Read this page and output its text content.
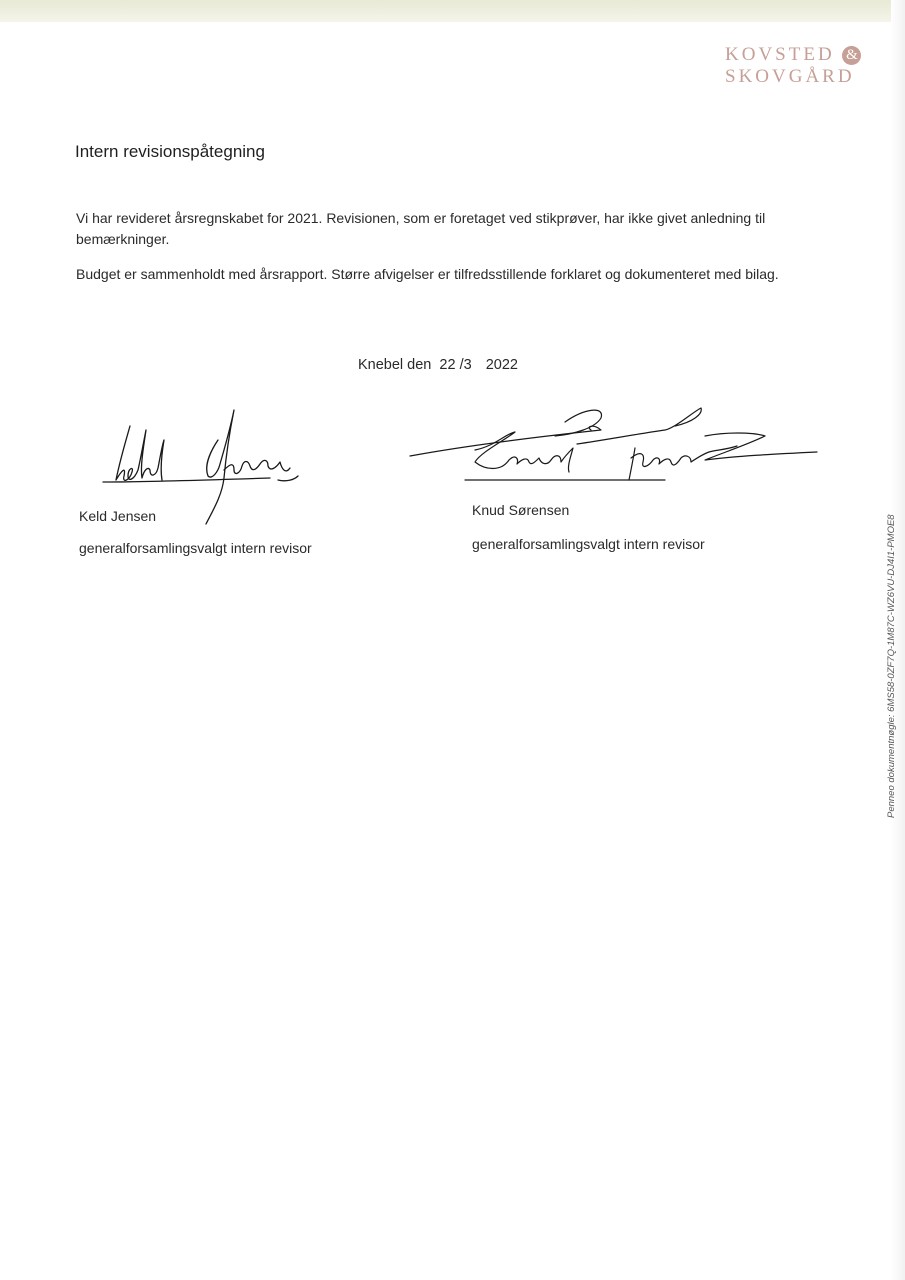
KOVSTED &
SKOVGÅRD
Intern revisionspåtegning

Vi har revideret årsregnskabet for 2021. Revisionen, som er foretaget ved stikprøver, har ikke givet anledning til bemærkninger.

Budget er sammenholdt med årsrapport. Større afvigelser er tilfredsstillende forklaret og dokumenteret med bilag.

Knebel den 22 /3 2022
Keld Jensen
generalforsamlingsvalgt intern revisor
Knud Sørensen
generalforsamlingsvalgt intern revisor	Penneo dokumentnøgle: 6MS58-0ZF7Q-1M87C-WZ6VU-DJ4I1-PMOE8
